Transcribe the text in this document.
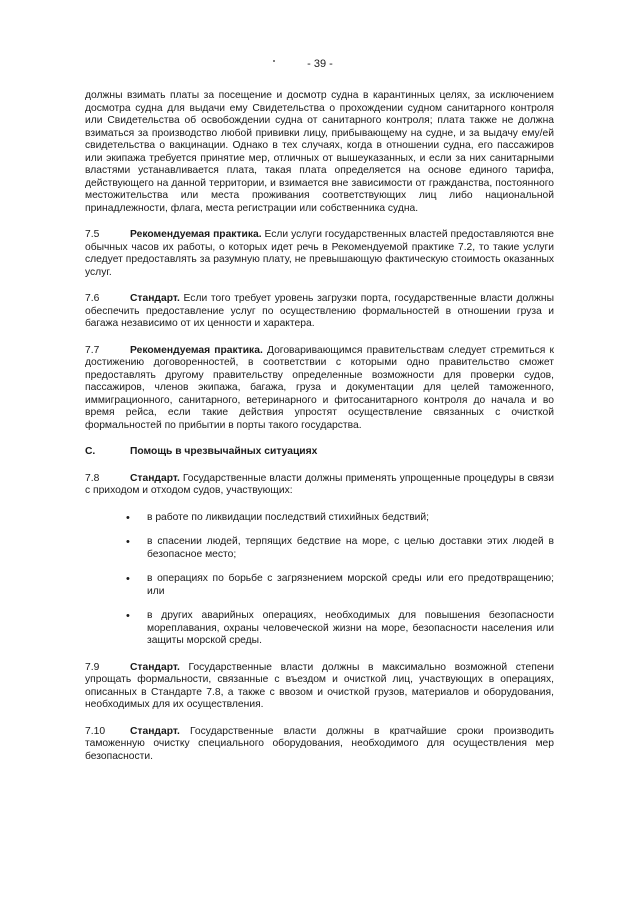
- 39 -

должны взимать платы за посещение и досмотр судна в карантинных целях, за исключением досмотра судна для выдачи ему Свидетельства о прохождении судном санитарного контроля или Свидетельства об освобождении судна от санитарного контроля; плата также не должна взиматься за производство любой прививки лицу, прибывающему на судне, и за выдачу ему/ей свидетельства о вакцинации. Однако в тех случаях, когда в отношении судна, его пассажиров или экипажа требуется принятие мер, отличных от вышеуказанных, и если за них санитарными властями устанавливается плата, такая плата определяется на основе единого тарифа, действующего на данной территории, и взимается вне зависимости от гражданства, постоянного местожительства или места проживания соответствующих лиц либо национальной принадлежности, флага, места регистрации или собственника судна.

7.5	Рекомендуемая практика. Если услуги государственных властей предоставляются вне обычных часов их работы, о которых идет речь в Рекомендуемой практике 7.2, то такие услуги следует предоставлять за разумную плату, не превышающую фактическую стоимость оказанных услуг.

7.6	Стандарт. Если того требует уровень загрузки порта, государственные власти должны обеспечить предоставление услуг по осуществлению формальностей в отношении груза и багажа независимо от их ценности и характера.

7.7	Рекомендуемая практика. Договаривающимся правительствам следует стремиться к достижению договоренностей, в соответствии с которыми одно правительство сможет предоставлять другому правительству определенные возможности для проверки судов, пассажиров, членов экипажа, багажа, груза и документации для целей таможенного, иммиграционного, санитарного, ветеринарного и фитосанитарного контроля до начала и во время рейса, если такие действия упростят осуществление связанных с очисткой формальностей по прибытии в порты такого государства.

C.	Помощь в чрезвычайных ситуациях

7.8	Стандарт. Государственные власти должны применять упрощенные процедуры в связи с приходом и отходом судов, участвующих:

• в работе по ликвидации последствий стихийных бедствий;
• в спасении людей, терпящих бедствие на море, с целью доставки этих людей в безопасное место;
• в операциях по борьбе с загрязнением морской среды или его предотвращению; или
• в других аварийных операциях, необходимых для повышения безопасности мореплавания, охраны человеческой жизни на море, безопасности населения или защиты морской среды.

7.9	Стандарт. Государственные власти должны в максимально возможной степени упрощать формальности, связанные с въездом и очисткой лиц, участвующих в операциях, описанных в Стандарте 7.8, а также с ввозом и очисткой грузов, материалов и оборудования, необходимых для их осуществления.

7.10 Стандарт. Государственные власти должны в кратчайшие сроки производить таможенную очистку специального оборудования, необходимого для осуществления мер безопасности.
